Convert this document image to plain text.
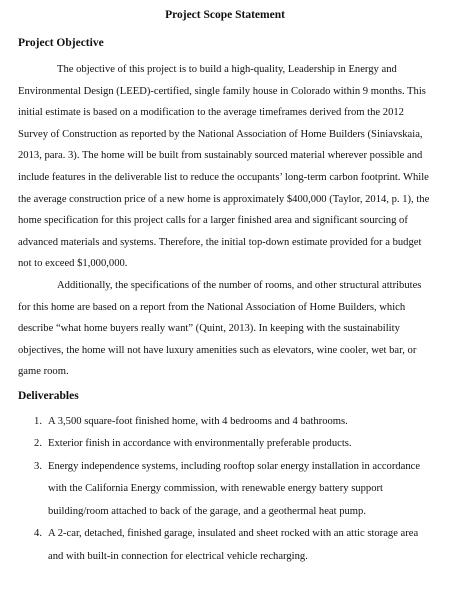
Project Scope Statement
Project Objective

The objective of this project is to build a high-quality, Leadership in Energy and Environmental Design (LEED)-certified, single family house in Colorado within 9 months. This initial estimate is based on a modification to the average timeframes derived from the 2012 Survey of Construction as reported by the National Association of Home Builders (Siniavskaia, 2013, para. 3). The home will be built from sustainably sourced material wherever possible and include features in the deliverable list to reduce the occupants’ long-term carbon footprint. While the average construction price of a new home is approximately $400,000 (Taylor, 2014, p. 1), the home specification for this project calls for a larger finished area and significant sourcing of advanced materials and systems. Therefore, the initial top-down estimate provided for a budget not to exceed $1,000,000.

Additionally, the specifications of the number of rooms, and other structural attributes for this home are based on a report from the National Association of Home Builders, which describe “what home buyers really want” (Quint, 2013). In keeping with the sustainability objectives, the home will not have luxury amenities such as elevators, wine cooler, wet bar, or game room.

Deliverables
1. A 3,500 square-foot finished home, with 4 bedrooms and 4 bathrooms.
2. Exterior finish in accordance with environmentally preferable products.
3. Energy independence systems, including rooftop solar energy installation in accordance with the California Energy commission, with renewable energy battery support building/room attached to back of the garage, and a geothermal heat pump.
4. A 2-car, detached, finished garage, insulated and sheet rocked with an attic storage area and with built-in connection for electrical vehicle recharging.
